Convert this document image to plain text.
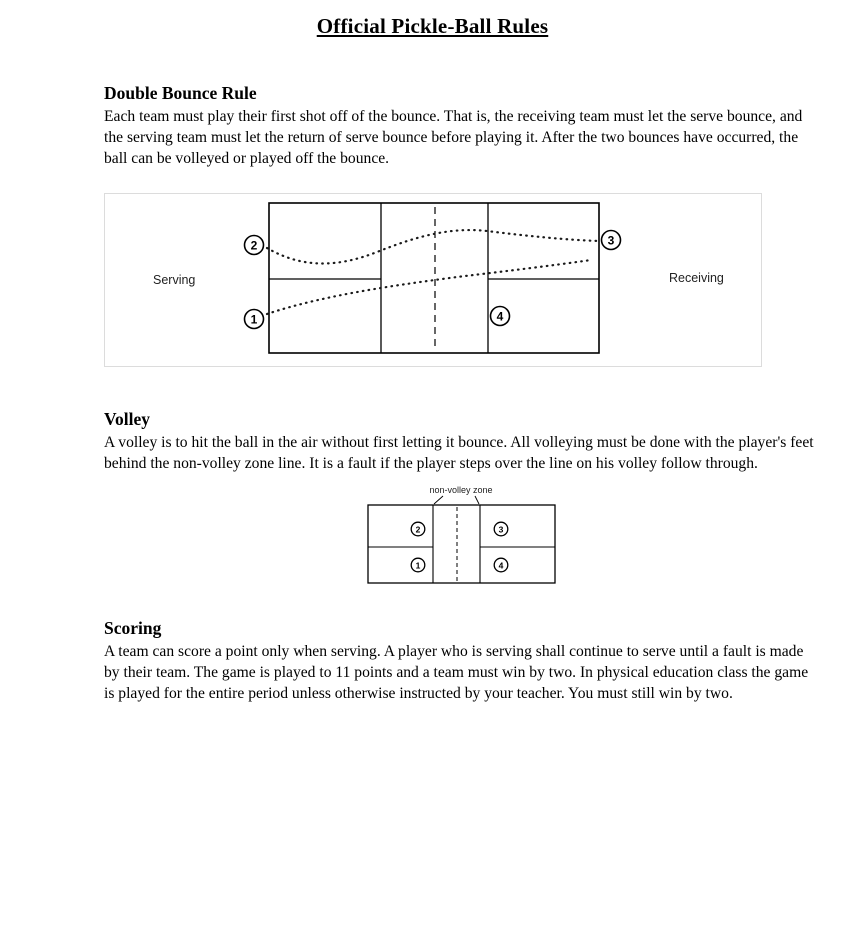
Official Pickle-Ball Rules
Double Bounce Rule

Each team must play their first shot off of the bounce. That is, the receiving team must let the serve bounce, and the serving team must let the return of serve bounce before playing it. After the two bounces have occurred, the ball can be volleyed or played off the bounce.

2
1
3
4
Serving	Receiving
Volley

A volley is to hit the ball in the air without first letting it bounce. All volleying must be done with the player's feet behind the non-volley zone line. It is a fault if the player steps over the line on his volley follow through.

non-volley zone
2	3
1	4
Scoring

A team can score a point only when serving. A player who is serving shall continue to serve until a fault is made by their team. The game is played to 11 points and a team must win by two. In physical education class the game is played for the entire period unless otherwise instructed by your teacher. You must still win by two.
